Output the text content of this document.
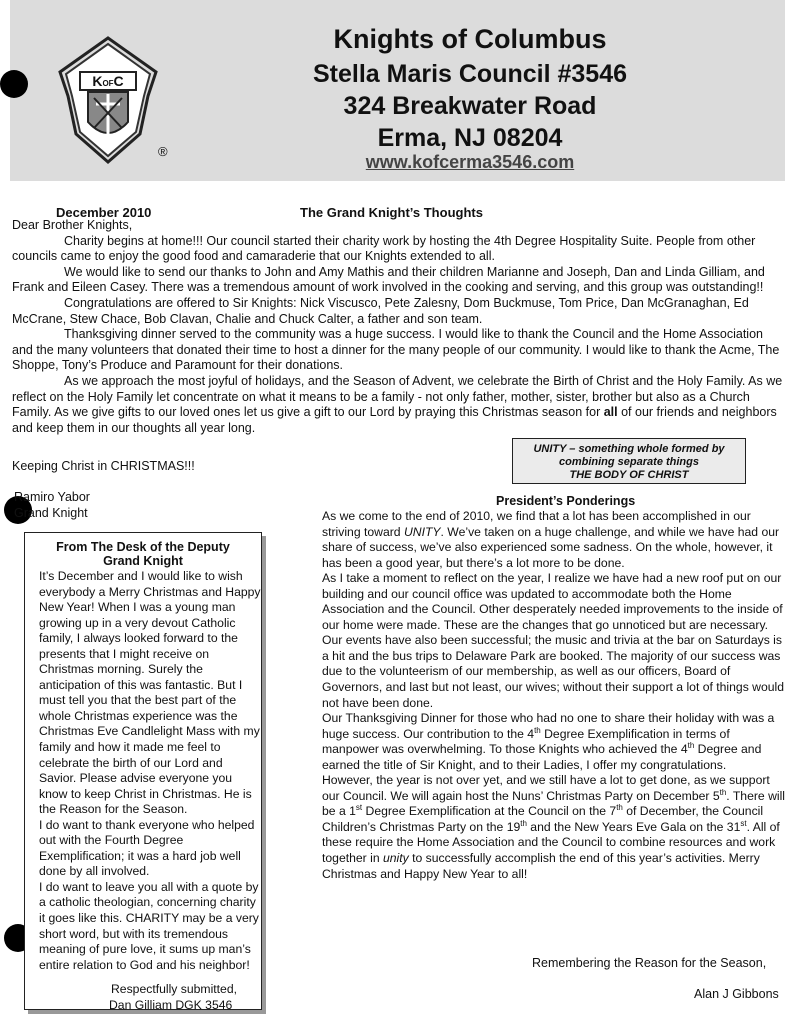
KOFC
®
Knights of Columbus
Stella Maris Council #3546
324 Breakwater Road
Erma, NJ 08204
www.kofcerma3546.com
December 2010	The Grand Knight’s Thoughts

Dear Brother Knights,

Charity begins at home!!! Our council started their charity work by hosting the 4th Degree Hospitality Suite. People from other councils came to enjoy the good food and camaraderie that our Knights extended to all.

We would like to send our thanks to John and Amy Mathis and their children Marianne and Joseph, Dan and Linda Gilliam, and Frank and Eileen Casey. There was a tremendous amount of work involved in the cooking and serving, and this group was outstanding!!

Congratulations are offered to Sir Knights: Nick Viscusco, Pete Zalesny, Dom Buckmuse, Tom Price, Dan McGranaghan, Ed McCrane, Stew Chace, Bob Clavan, Chalie and Chuck Calter, a father and son team.

Thanksgiving dinner served to the community was a huge success. I would like to thank the Council and the Home Association and the many volunteers that donated their time to host a dinner for the many people of our community. I would like to thank the Acme, The Shoppe, Tony’s Produce and Paramount for their donations.

As we approach the most joyful of holidays, and the Season of Advent, we celebrate the Birth of Christ and the Holy Family. As we reflect on the Holy Family let concentrate on what it means to be a family - not only father, mother, sister, brother but also as a Church Family. As we give gifts to our loved ones let us give a gift to our Lord by praying this Christmas season for all of our friends and neighbors and keep them in our thoughts all year long.

Keeping Christ in CHRISTMAS!!!
Ramiro Yabor
Grand Knight
UNITY – something whole formed by
combining separate things
THE BODY OF CHRIST
President’s Ponderings

As we come to the end of 2010, we find that a lot has been accomplished in our striving toward UNITY. We’ve taken on a huge challenge, and while we have had our share of success, we’ve also experienced some sadness. On the whole, however, it has been a good year, but there’s a lot more to be done.

As I take a moment to reflect on the year, I realize we have had a new roof put on our building and our council office was updated to accommodate both the Home Association and the Council. Other desperately needed improvements to the inside of our home were made. These are the changes that go unnoticed but are necessary.

Our events have also been successful; the music and trivia at the bar on Saturdays is a hit and the bus trips to Delaware Park are booked. The majority of our success was due to the volunteerism of our membership, as well as our officers, Board of Governors, and last but not least, our wives; without their support a lot of things would not have been done.

Our Thanksgiving Dinner for those who had no one to share their holiday with was a huge success. Our contribution to the 4th Degree Exemplification in terms of manpower was overwhelming. To those Knights who achieved the 4th Degree and earned the title of Sir Knight, and to their Ladies, I offer my congratulations.

However, the year is not over yet, and we still have a lot to get done, as we support our Council. We will again host the Nuns’ Christmas Party on December 5th. There will be a 1st Degree Exemplification at the Council on the 7th of December, the Council Children’s Christmas Party on the 19th and the New Years Eve Gala on the 31st. All of these require the Home Association and the Council to combine resources and work together in unity to successfully accomplish the end of this year’s activities. Merry Christmas and Happy New Year to all!

Remembering the Reason for the Season,
Alan J Gibbons
From The Desk of the Deputy
Grand Knight

It’s December and I would like to wish everybody a Merry Christmas and Happy New Year! When I was a young man growing up in a very devout Catholic family, I always looked forward to the presents that I might receive on Christmas morning. Surely the anticipation of this was fantastic. But I must tell you that the best part of the whole Christmas experience was the Christmas Eve Candlelight Mass with my family and how it made me feel to celebrate the birth of our Lord and Savior. Please advise everyone you know to keep Christ in Christmas. He is the Reason for the Season.

I do want to thank everyone who helped out with the Fourth Degree Exemplification; it was a hard job well done by all involved.

I do want to leave you all with a quote by a catholic theologian, concerning charity it goes like this. CHARITY may be a very short word, but with its tremendous meaning of pure love, it sums up man’s entire relation to God and his neighbor!

Respectfully submitted,
Dan Gilliam DGK 3546
